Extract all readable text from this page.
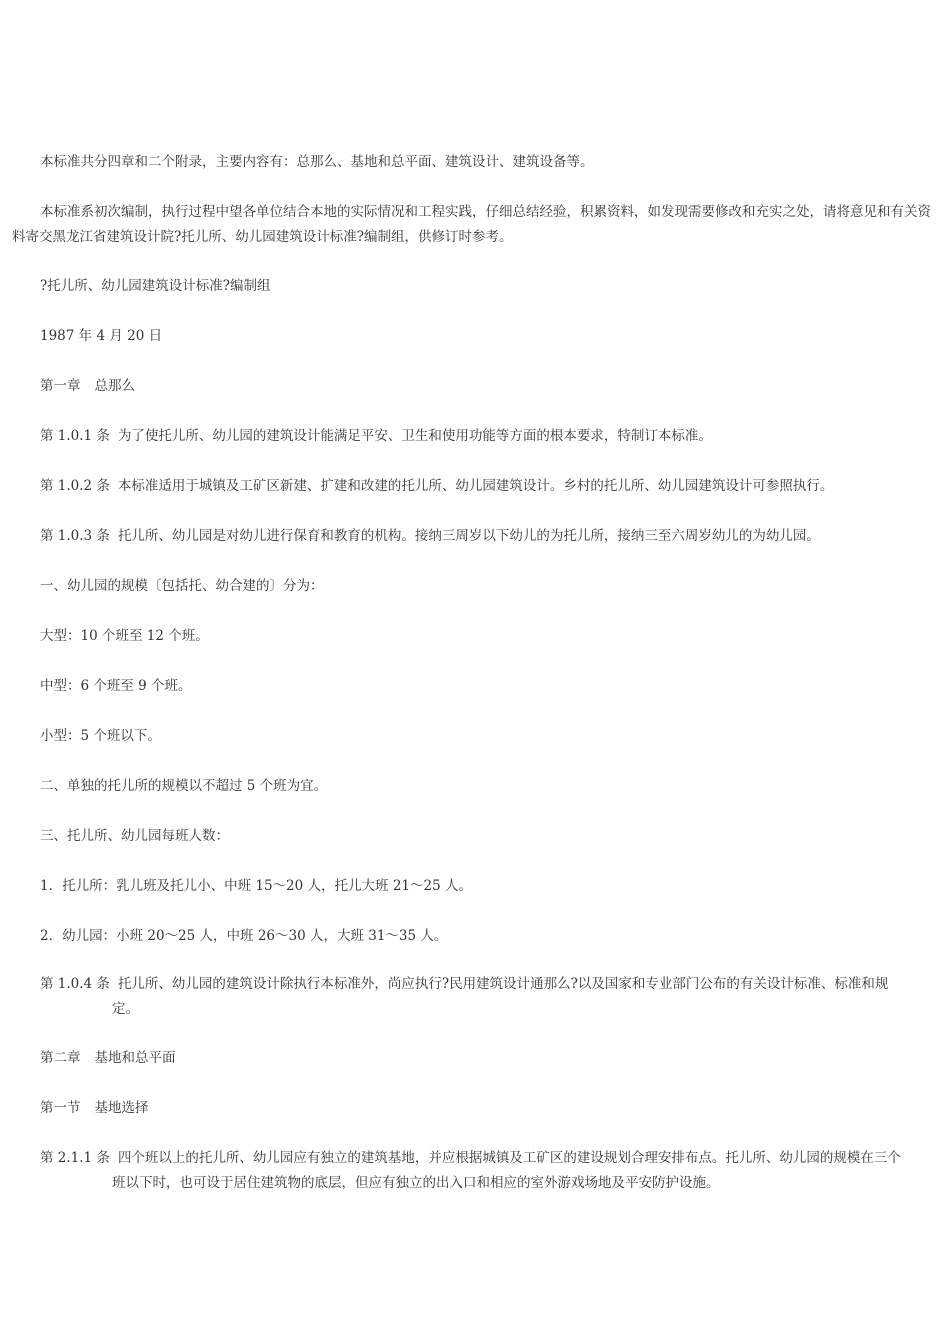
本标准共分四章和二个附录，主要内容有：总那么、基地和总平面、建筑设计、建筑设备等。
本标准系初次编制，执行过程中望各单位结合本地的实际情况和工程实践，仔细总结经验，积累资料，如发现需要修改和充实之处，请将意见和有关资料寄交黑龙江省建筑设计院?托儿所、幼儿园建筑设计标准?编制组，供修订时参考。
?托儿所、幼儿园建筑设计标准?编制组
1987 年 4 月 20 日
第一章 总那么
第 1.0.1 条 为了使托儿所、幼儿园的建筑设计能满足平安、卫生和使用功能等方面的根本要求，特制订本标准。
第 1.0.2 条 本标准适用于城镇及工矿区新建、扩建和改建的托儿所、幼儿园建筑设计。乡村的托儿所、幼儿园建筑设计可参照执行。
第 1.0.3 条 托儿所、幼儿园是对幼儿进行保育和教育的机构。接纳三周岁以下幼儿的为托儿所，接纳三至六周岁幼儿的为幼儿园。
一、幼儿园的规模〔包括托、幼合建的〕分为：
大型：10 个班至 12 个班。
中型：6 个班至 9 个班。
小型：5 个班以下。
二、单独的托儿所的规模以不超过 5 个班为宜。
三、托儿所、幼儿园每班人数：
1．托儿所：乳儿班及托儿小、中班 15～20 人，托儿大班 21～25 人。
2．幼儿园：小班 20～25 人，中班 26～30 人，大班 31～35 人。
第 1.0.4 条 托儿所、幼儿园的建筑设计除执行本标准外，尚应执行?民用建筑设计通那么?以及国家和专业部门公布的有关设计标准、标准和规定。
第二章 基地和总平面
第一节 基地选择
第 2.1.1 条 四个班以上的托儿所、幼儿园应有独立的建筑基地，并应根据城镇及工矿区的建设规划合理安排布点。托儿所、幼儿园的规模在三个班以下时，也可设于居住建筑物的底层，但应有独立的出入口和相应的室外游戏场地及平安防护设施。
